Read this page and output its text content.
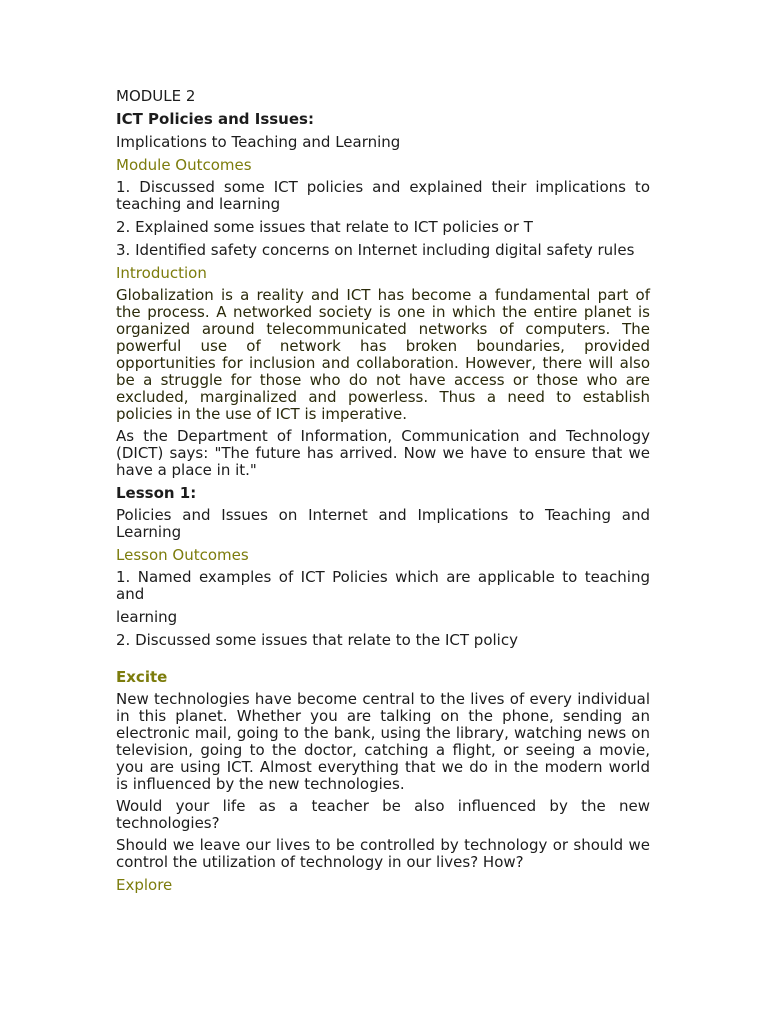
MODULE 2

ICT Policies and Issues:

Implications to Teaching and Learning

Module Outcomes

1. Discussed some ICT policies and explained their implications to teaching and learning

2. Explained some issues that relate to ICT policies or T

3. Identified safety concerns on Internet including digital safety rules

Introduction

Globalization is a reality and ICT has become a fundamental part of the process. A networked society is one in which the entire planet is organized around telecommunicated networks of computers. The powerful use of network has broken boundaries, provided opportunities for inclusion and collaboration. However, there will also be a struggle for those who do not have access or those who are excluded, marginalized and powerless. Thus a need to establish policies in the use of ICT is imperative.

As the Department of Information, Communication and Technology (DICT) says: "The future has arrived. Now we have to ensure that we have a place in it."

Lesson 1:

Policies and Issues on Internet and Implications to Teaching and Learning

Lesson Outcomes

1. Named examples of ICT Policies which are applicable to teaching and

learning

2. Discussed some issues that relate to the ICT policy

Excite

New technologies have become central to the lives of every individual in this planet. Whether you are talking on the phone, sending an electronic mail, going to the bank, using the library, watching news on television, going to the doctor, catching a flight, or seeing a movie, you are using ICT. Almost everything that we do in the modern world is influenced by the new technologies.

Would your life as a teacher be also influenced by the new technologies?

Should we leave our lives to be controlled by technology or should we control the utilization of technology in our lives? How?

Explore
